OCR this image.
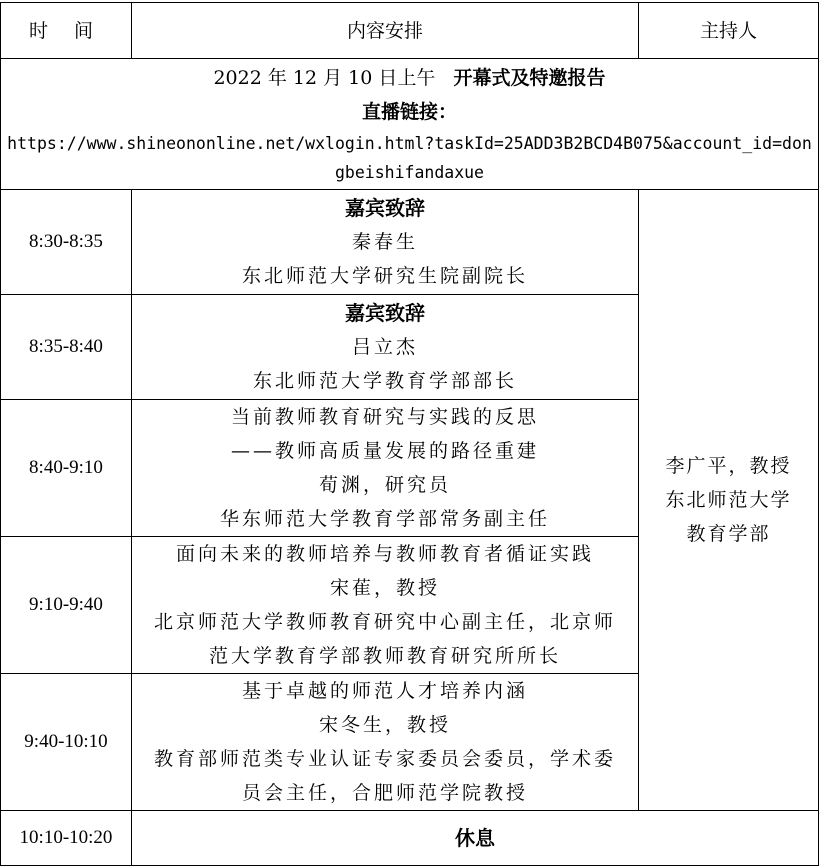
时 间	内容安排	主持人

2022 年 12 月 10 日上午 开幕式及特邀报告
直播链接：
https://www.shineononline.net/wxlogin.html?taskId=25ADD3B2BCD4B075&account_id=dongbeishifandaxue		

8:30-8:35	嘉宾致辞
秦春生
东北师范大学研究生院副院长	李广平，教授
东北师范大学
教育学部

8:35-8:40	嘉宾致辞
吕立杰
东北师范大学教育学部部长	

8:40-9:10	当前教师教育研究与实践的反思
——教师高质量发展的路径重建
荀渊，研究员
华东师范大学教育学部常务副主任	

9:10-9:40	面向未来的教师培养与教师教育者循证实践
宋萑，教授
北京师范大学教师教育研究中心副主任，北京师
范大学教育学部教师教育研究所所长	

9:40-10:10	基于卓越的师范人才培养内涵
宋冬生，教授
教育部师范类专业认证专家委员会委员，学术委
员会主任，合肥师范学院教授	

10:10-10:20	休息	
